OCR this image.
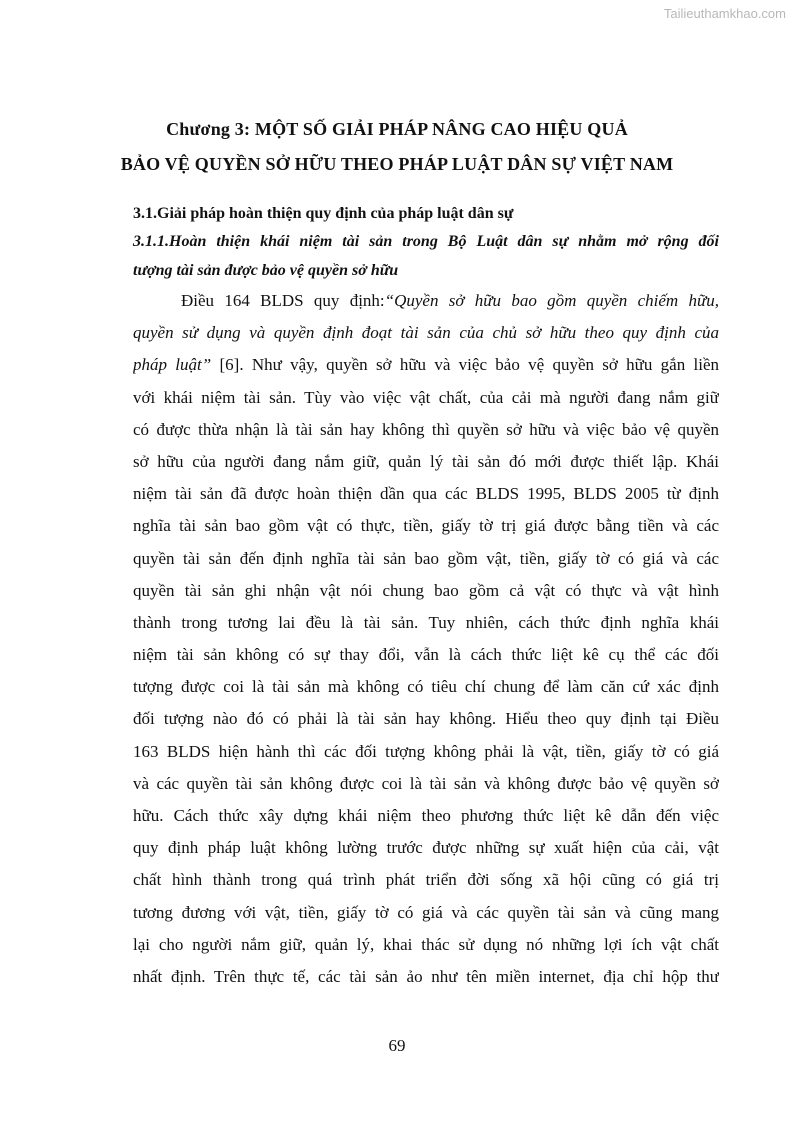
Tailieuthamkhao.com
Chương 3: MỘT SỐ GIẢI PHÁP NÂNG CAO HIỆU QUẢ
BẢO VỆ QUYỀN SỞ HỮU THEO PHÁP LUẬT DÂN SỰ VIỆT NAM
3.1.Giải pháp hoàn thiện quy định của pháp luật dân sự
3.1.1.Hoàn thiện khái niệm tài sản trong Bộ Luật dân sự nhằm mở rộng đối
tượng tài sản được bảo vệ quyền sở hữu
Điều 164 BLDS quy định:“Quyền sở hữu bao gồm quyền chiếm hữu,
quyền sử dụng và quyền định đoạt tài sản của chủ sở hữu theo quy định của
pháp luật” [6]. Như vậy, quyền sở hữu và việc bảo vệ quyền sở hữu gắn liền
với khái niệm tài sản. Tùy vào việc vật chất, của cải mà người đang nắm giữ
có được thừa nhận là tài sản hay không thì quyền sở hữu và việc bảo vệ quyền
sở hữu của người đang nắm giữ, quản lý tài sản đó mới được thiết lập. Khái
niệm tài sản đã được hoàn thiện dần qua các BLDS 1995, BLDS 2005 từ định
nghĩa tài sản bao gồm vật có thực, tiền, giấy tờ trị giá được bằng tiền và các
quyền tài sản đến định nghĩa tài sản bao gồm vật, tiền, giấy tờ có giá và các
quyền tài sản ghi nhận vật nói chung bao gồm cả vật có thực và vật hình
thành trong tương lai đều là tài sản. Tuy nhiên, cách thức định nghĩa khái
niệm tài sản không có sự thay đổi, vẫn là cách thức liệt kê cụ thể các đối
tượng được coi là tài sản mà không có tiêu chí chung để làm căn cứ xác định
đối tượng nào đó có phải là tài sản hay không. Hiểu theo quy định tại Điều
163 BLDS hiện hành thì các đối tượng không phải là vật, tiền, giấy tờ có giá
và các quyền tài sản không được coi là tài sản và không được bảo vệ quyền sở
hữu. Cách thức xây dựng khái niệm theo phương thức liệt kê dẫn đến việc
quy định pháp luật không lường trước được những sự xuất hiện của cải, vật
chất hình thành trong quá trình phát triển đời sống xã hội cũng có giá trị
tương đương với vật, tiền, giấy tờ có giá và các quyền tài sản và cũng mang
lại cho người nắm giữ, quản lý, khai thác sử dụng nó những lợi ích vật chất
nhất định. Trên thực tế, các tài sản ảo như tên miền internet, địa chỉ hộp thư
69
